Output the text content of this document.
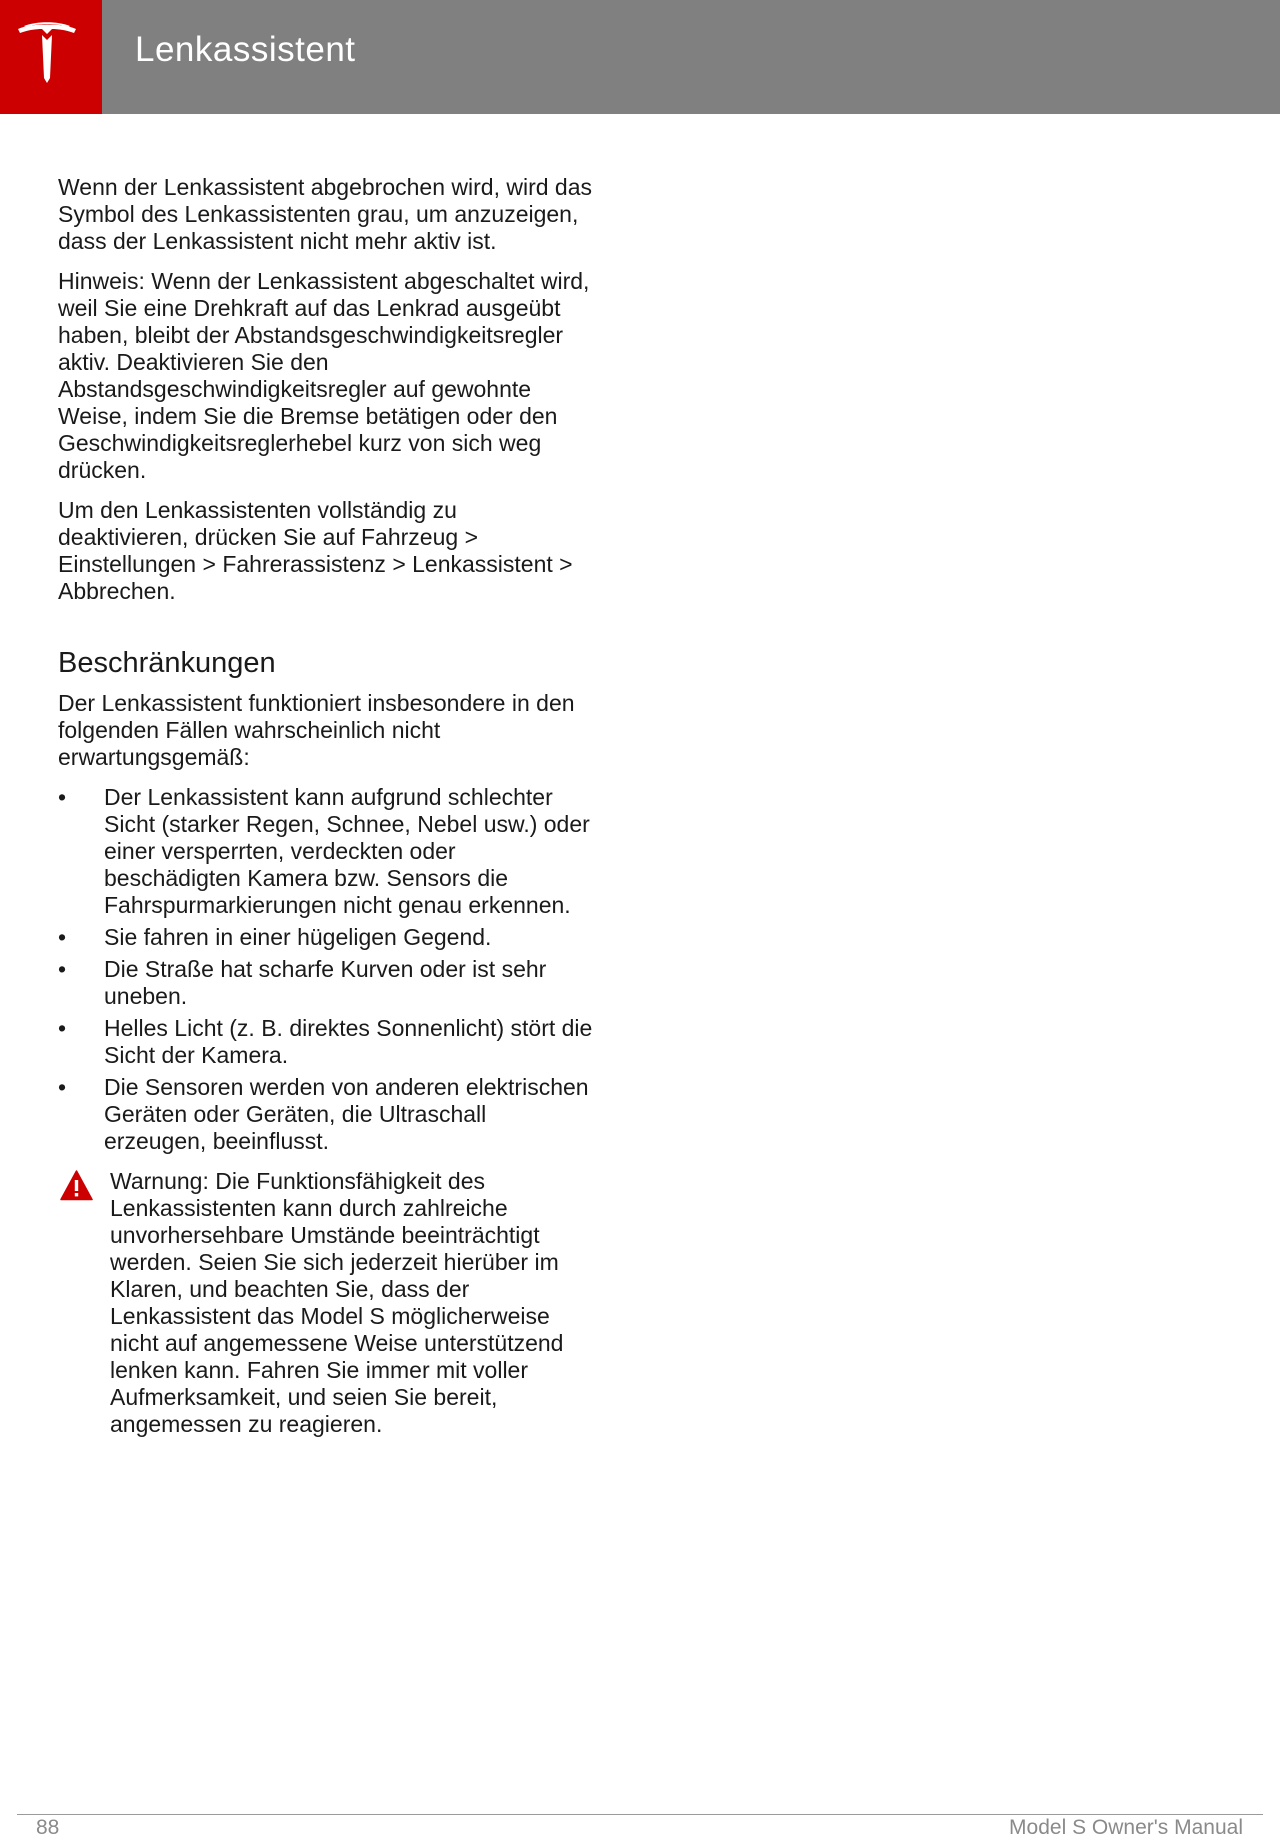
Lenkassistent

Wenn der Lenkassistent abgebrochen wird, wird das Symbol des Lenkassistenten grau, um anzuzeigen, dass der Lenkassistent nicht mehr aktiv ist.

Hinweis: Wenn der Lenkassistent abgeschaltet wird, weil Sie eine Drehkraft auf das Lenkrad ausgeübt haben, bleibt der Abstandsgeschwindigkeitsregler aktiv. Deaktivieren Sie den Abstandsgeschwindigkeitsregler auf gewohnte Weise, indem Sie die Bremse betätigen oder den Geschwindigkeitsreglerhebel kurz von sich weg drücken.

Um den Lenkassistenten vollständig zu deaktivieren, drücken Sie auf Fahrzeug > Einstellungen > Fahrerassistenz > Lenkassistent > Abbrechen.

Beschränkungen

Der Lenkassistent funktioniert insbesondere in den folgenden Fällen wahrscheinlich nicht erwartungsgemäß:

• Der Lenkassistent kann aufgrund schlechter Sicht (starker Regen, Schnee, Nebel usw.) oder einer versperrten, verdeckten oder beschädigten Kamera bzw. Sensors die Fahrspurmarkierungen nicht genau erkennen.
• Sie fahren in einer hügeligen Gegend.
• Die Straße hat scharfe Kurven oder ist sehr uneben.
• Helles Licht (z. B. direktes Sonnenlicht) stört die Sicht der Kamera.
• Die Sensoren werden von anderen elektrischen Geräten oder Geräten, die Ultraschall erzeugen, beeinflusst.
Warnung: Die Funktionsfähigkeit des Lenkassistenten kann durch zahlreiche unvorhersehbare Umstände beeinträchtigt werden. Seien Sie sich jederzeit hierüber im Klaren, und beachten Sie, dass der Lenkassistent das Model S möglicherweise nicht auf angemessene Weise unterstützend lenken kann. Fahren Sie immer mit voller Aufmerksamkeit, und seien Sie bereit, angemessen zu reagieren.
88	Model S Owner's Manual
